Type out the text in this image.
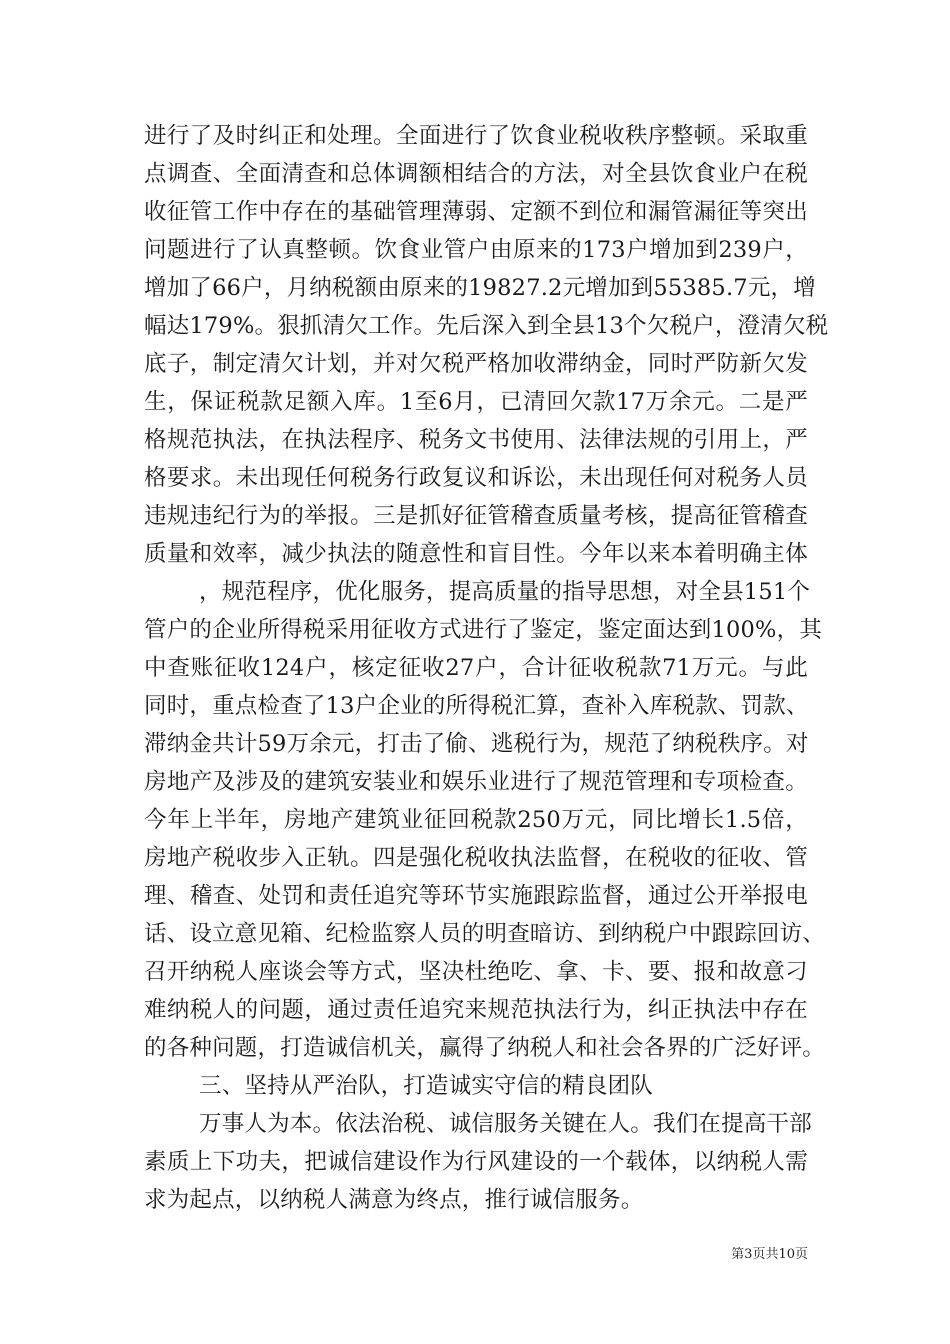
进行了及时纠正和处理。全面进行了饮食业税收秩序整顿。采取重
点调查、全面清查和总体调额相结合的方法，对全县饮食业户在税
收征管工作中存在的基础管理薄弱、定额不到位和漏管漏征等突出
问题进行了认真整顿。饮食业管户由原来的173户增加到239户，
增加了66户，月纳税额由原来的19827.2元增加到55385.7元，增
幅达179%。狠抓清欠工作。先后深入到全县13个欠税户，澄清欠税
底子，制定清欠计划，并对欠税严格加收滞纳金，同时严防新欠发
生，保证税款足额入库。1至6月，已清回欠款17万余元。二是严
格规范执法，在执法程序、税务文书使用、法律法规的引用上，严
格要求。未出现任何税务行政复议和诉讼，未出现任何对税务人员
违规违纪行为的举报。三是抓好征管稽查质量考核，提高征管稽查
质量和效率，减少执法的随意性和盲目性。今年以来本着明确主体
，规范程序，优化服务，提高质量的指导思想，对全县151个
管户的企业所得税采用征收方式进行了鉴定，鉴定面达到100%，其
中查账征收124户，核定征收27户，合计征收税款71万元。与此
同时，重点检查了13户企业的所得税汇算，查补入库税款、罚款、
滞纳金共计59万余元，打击了偷、逃税行为，规范了纳税秩序。对
房地产及涉及的建筑安装业和娱乐业进行了规范管理和专项检查。
今年上半年，房地产建筑业征回税款250万元，同比增长1.5倍，
房地产税收步入正轨。四是强化税收执法监督，在税收的征收、管
理、稽查、处罚和责任追究等环节实施跟踪监督，通过公开举报电
话、设立意见箱、纪检监察人员的明查暗访、到纳税户中跟踪回访、
召开纳税人座谈会等方式，坚决杜绝吃、拿、卡、要、报和故意刁
难纳税人的问题，通过责任追究来规范执法行为，纠正执法中存在
的各种问题，打造诚信机关，赢得了纳税人和社会各界的广泛好评。
三、坚持从严治队，打造诚实守信的精良团队
万事人为本。依法治税、诚信服务关键在人。我们在提高干部
素质上下功夫，把诚信建设作为行风建设的一个载体，以纳税人需
求为起点，以纳税人满意为终点，推行诚信服务。
第3页共10页
